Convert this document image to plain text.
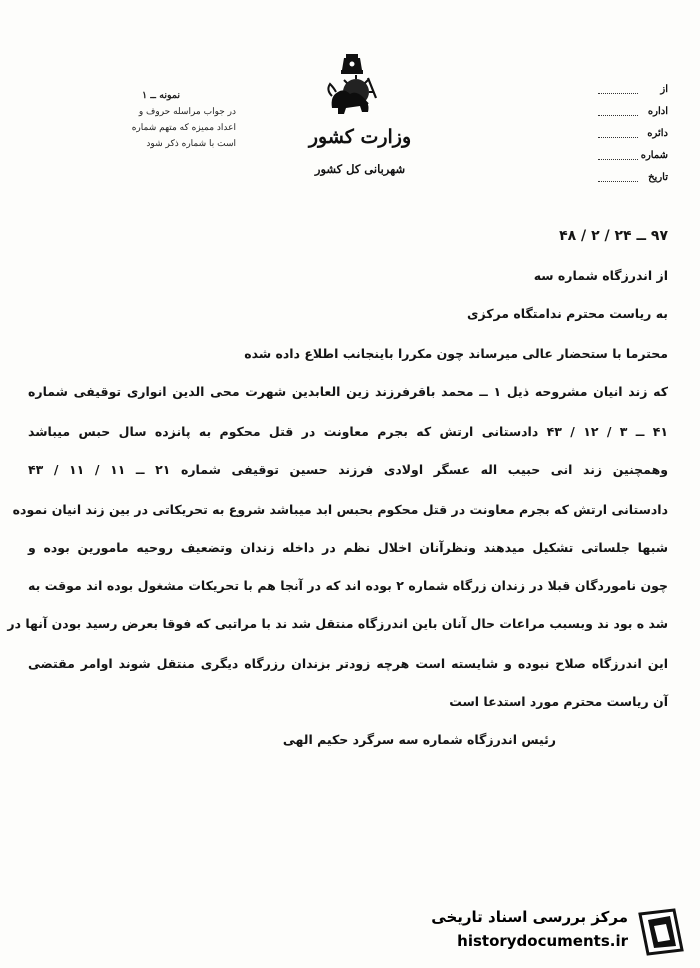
نمونه ــ ۱
در جواب مراسله حروف و
اعداد ممیزه که متهم شماره
است با شماره ذکر شود	وزارت کشور
شهربانی کل کشور
از
اداره
دائره
شماره
تاریخ
۹۷ ــ ۲۴ / ۲ / ۴۸
از اندرزگاه شماره سه
به ریاست محترم ندامتگاه مرکزی
محترما با ستحضار عالی میرساند چون مکررا باینجانب اطلاع داده شده
که زند انیان مشروحه ذیل ۱ ــ محمد باقرفرزند زین العابدین شهرت محی الدین انواری توقیفی شماره
۴۱ ــ ۳ / ۱۲ / ۴۳ دادستانی ارتش که بجرم معاونت در قتل محکوم به پانزده سال حبس میباشد
وهمچنین زند انی حبیب اله عسگر اولادی فرزند حسین توقیفی شماره ۲۱ ــ ۱۱ / ۱۱ / ۴۳
دادستانی ارتش که بجرم معاونت در قتل محکوم بحبس ابد میباشد شروع به تحریکاتی در بین زند انیان نموده
شبها جلساتی تشکیل میدهند ونظرآنان اخلال نظم در داخله زندان وتضعیف روحیه مامورین بوده و
چون ناموردگان قبلا در زندان زرگاه شماره ۲ بوده اند که در آنجا هم با تحریکات مشغول بوده اند موقت به
شد ه بود ند وبسبب مراعات حال آنان باین اندرزگاه منتقل شد ند با مراتبی که فوقا بعرض رسید بودن آنها در
این اندرزگاه صلاح نبوده و شایسته است هرچه زودتر بزندان رزرگاه دیگری منتقل شوند اوامر مقتضی
آن ریاست محترم مورد استدعا است
رئیس اندرزگاه شماره سه سرگرد حکیم الهی
مرکز بررسی اسناد تاریخی
historydocuments.ir
